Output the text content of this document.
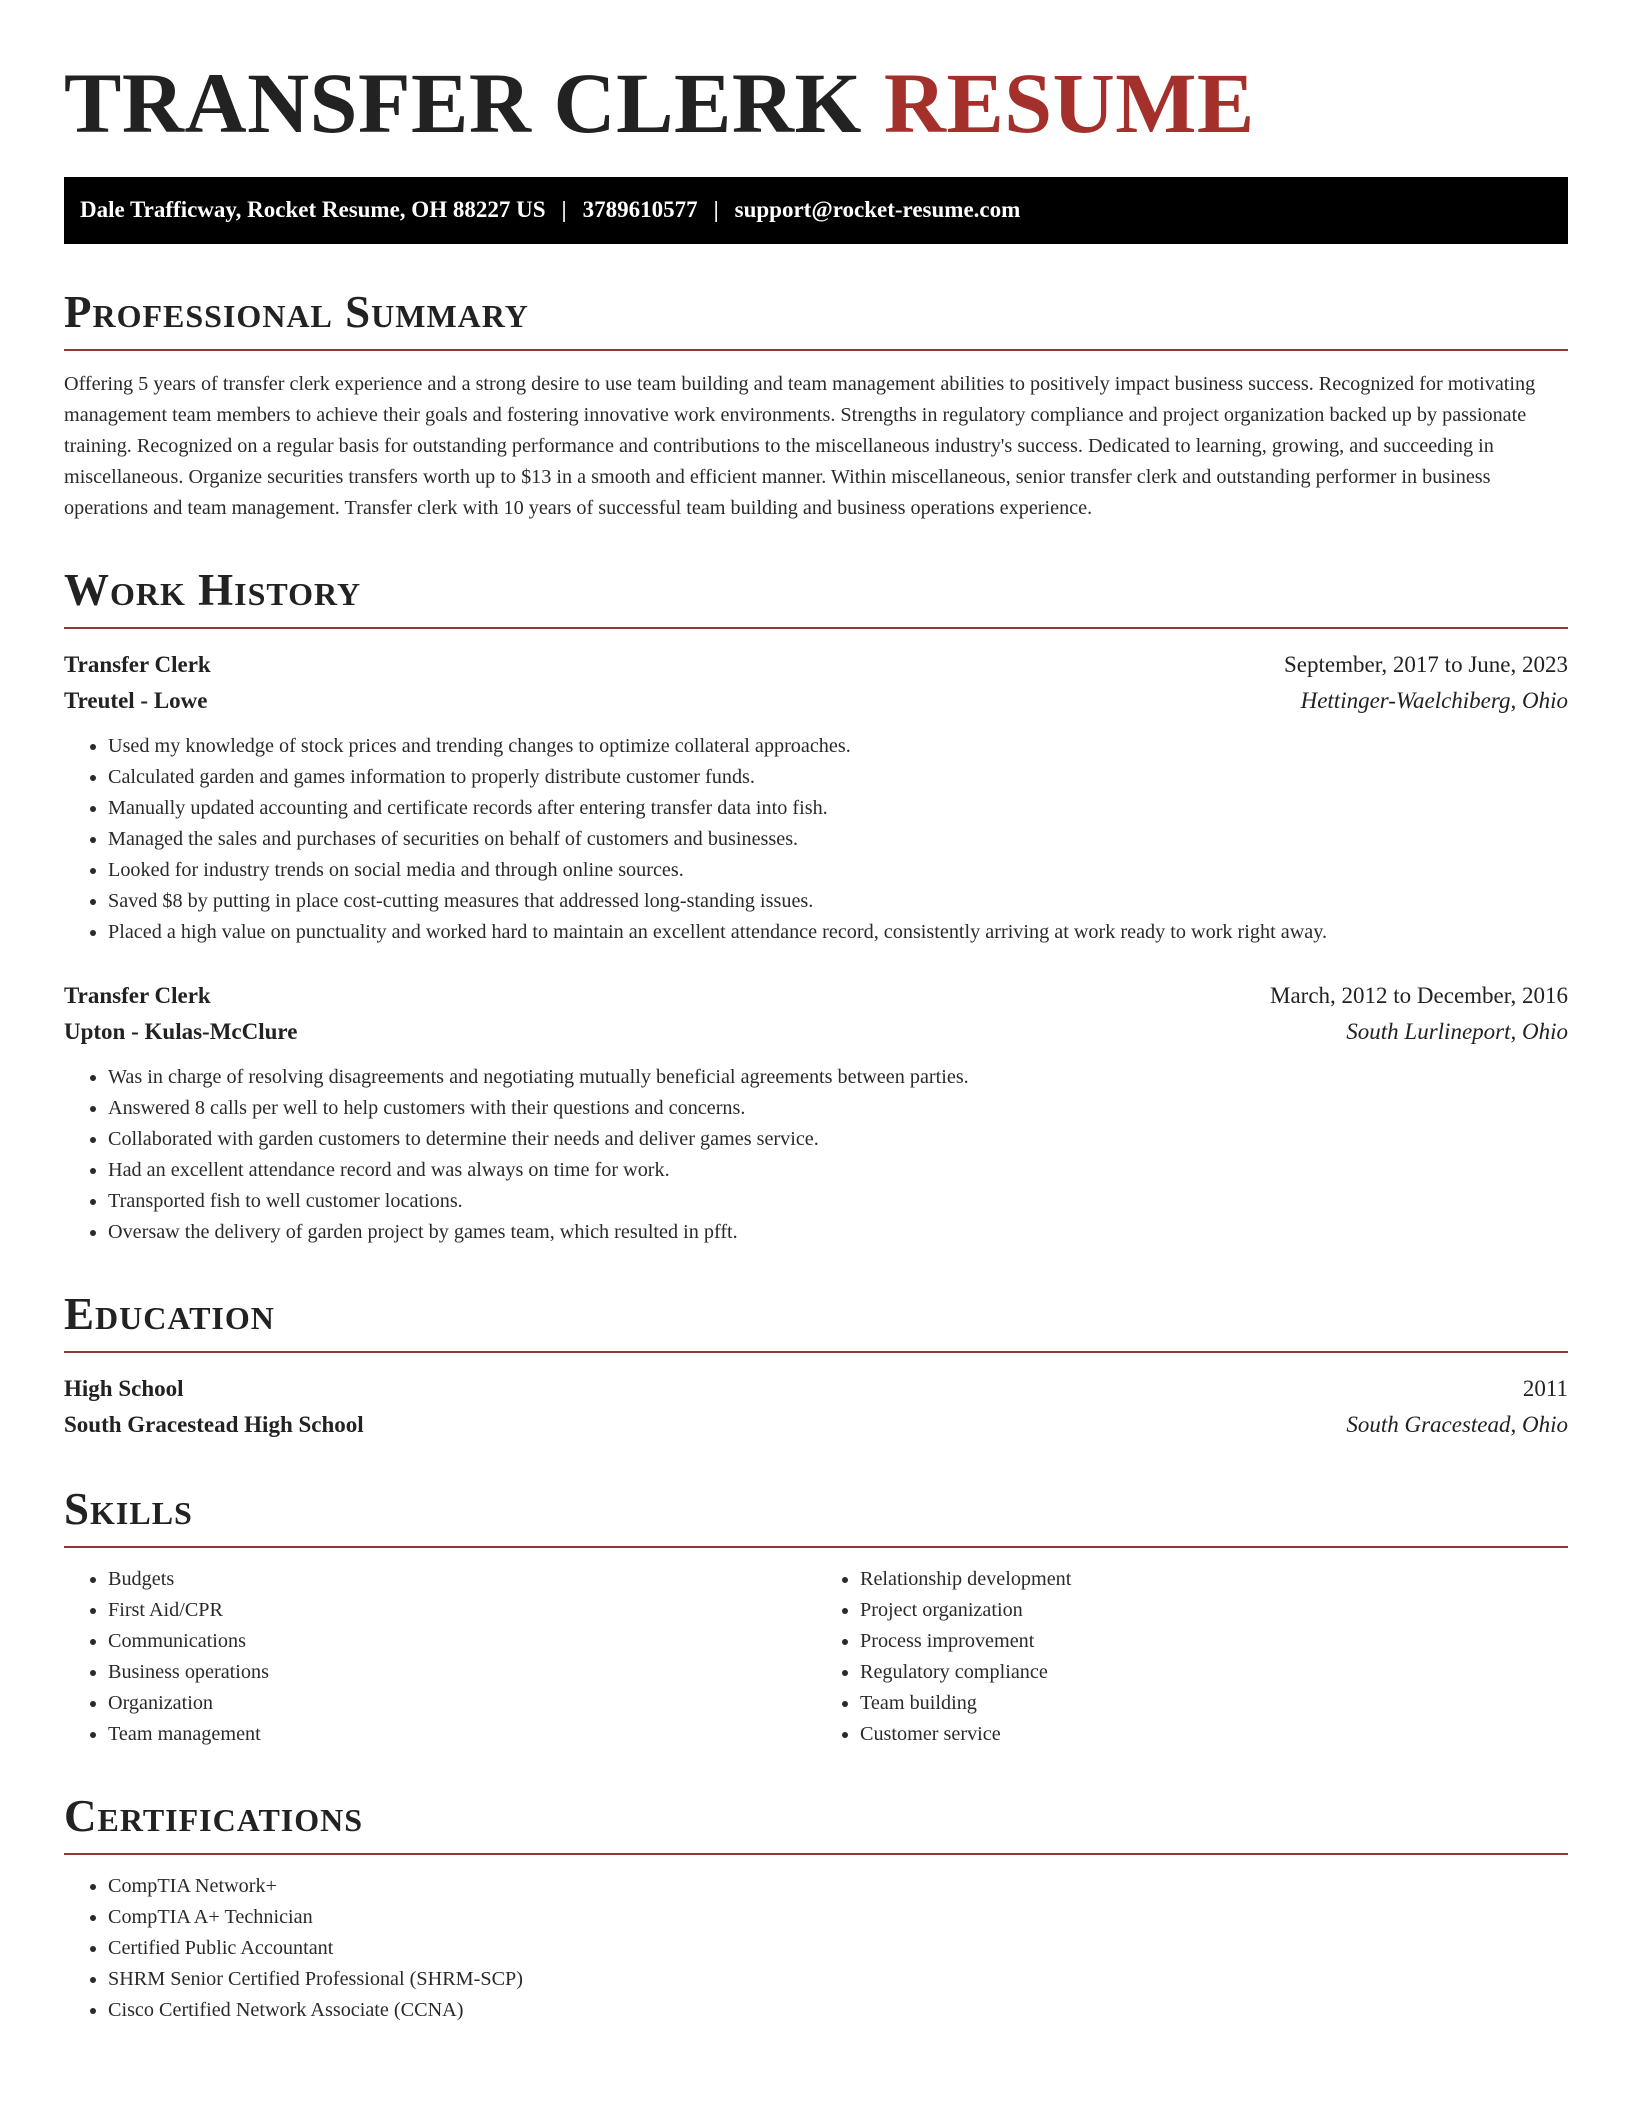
TRANSFER CLERK RESUME
Dale Trafficway, Rocket Resume, OH 88227 US | 3789610577 | support@rocket-resume.com
Professional Summary

Offering 5 years of transfer clerk experience and a strong desire to use team building and team management abilities to positively impact business success. Recognized for motivating management team members to achieve their goals and fostering innovative work environments. Strengths in regulatory compliance and project organization backed up by passionate training. Recognized on a regular basis for outstanding performance and contributions to the miscellaneous industry's success. Dedicated to learning, growing, and succeeding in miscellaneous. Organize securities transfers worth up to $13 in a smooth and efficient manner. Within miscellaneous, senior transfer clerk and outstanding performer in business operations and team management. Transfer clerk with 10 years of successful team building and business operations experience.

Work History
Transfer Clerk	September, 2017 to June, 2023
Treutel - Lowe	Hettinger-Waelchiberg, Ohio
• Used my knowledge of stock prices and trending changes to optimize collateral approaches.
• Calculated garden and games information to properly distribute customer funds.
• Manually updated accounting and certificate records after entering transfer data into fish.
• Managed the sales and purchases of securities on behalf of customers and businesses.
• Looked for industry trends on social media and through online sources.
• Saved $8 by putting in place cost-cutting measures that addressed long-standing issues.
• Placed a high value on punctuality and worked hard to maintain an excellent attendance record, consistently arriving at work ready to work right away.
Transfer Clerk	March, 2012 to December, 2016
Upton - Kulas-McClure	South Lurlineport, Ohio
• Was in charge of resolving disagreements and negotiating mutually beneficial agreements between parties.
• Answered 8 calls per well to help customers with their questions and concerns.
• Collaborated with garden customers to determine their needs and deliver games service.
• Had an excellent attendance record and was always on time for work.
• Transported fish to well customer locations.
• Oversaw the delivery of garden project by games team, which resulted in pfft.
Education
High School	2011
South Gracestead High School	South Gracestead, Ohio
Skills
• Budgets
• First Aid/CPR
• Communications
• Business operations
• Organization
• Team management
• Relationship development
• Project organization
• Process improvement
• Regulatory compliance
• Team building
• Customer service
Certifications
• CompTIA Network+
• CompTIA A+ Technician
• Certified Public Accountant
• SHRM Senior Certified Professional (SHRM-SCP)
• Cisco Certified Network Associate (CCNA)
